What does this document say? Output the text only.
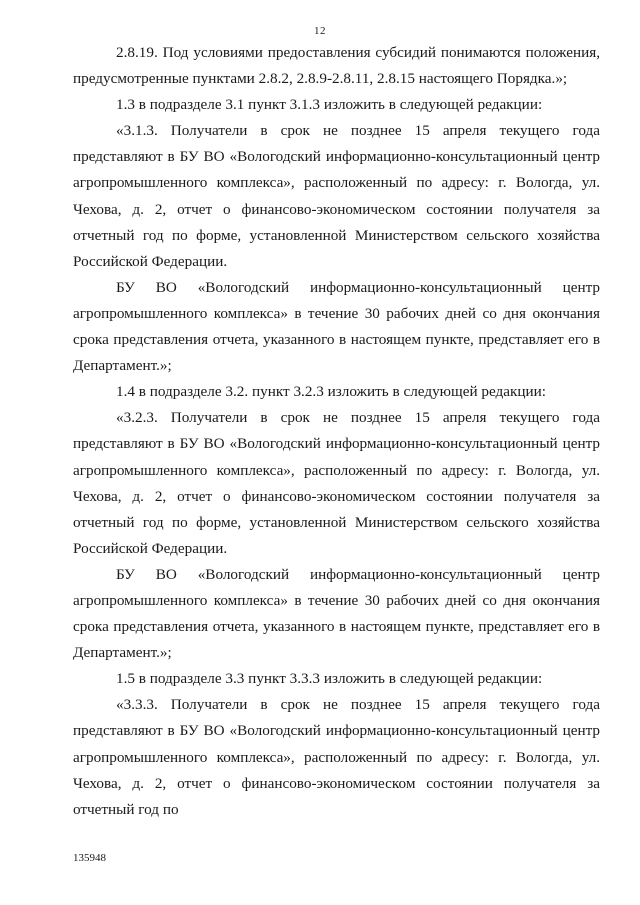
12

2.8.19. Под условиями предоставления субсидий понимаются положения, предусмотренные пунктами 2.8.2, 2.8.9-2.8.11, 2.8.15 настоящего Порядка.»;

1.3 в подразделе 3.1 пункт 3.1.3 изложить в следующей редакции:

«3.1.3. Получатели в срок не позднее 15 апреля текущего года представляют в БУ ВО «Вологодский информационно-консультационный центр агропромышленного комплекса», расположенный по адресу: г. Вологда, ул. Чехова, д. 2, отчет о финансово-экономическом состоянии получателя за отчетный год по форме, установленной Министерством сельского хозяйства Российской Федерации.

БУ ВО «Вологодский информационно-консультационный центр агропромышленного комплекса» в течение 30 рабочих дней со дня окончания срока представления отчета, указанного в настоящем пункте, представляет его в Департамент.»;

1.4 в подразделе 3.2. пункт 3.2.3 изложить в следующей редакции:

«3.2.3. Получатели в срок не позднее 15 апреля текущего года представляют в БУ ВО «Вологодский информационно-консультационный центр агропромышленного комплекса», расположенный по адресу: г. Вологда, ул. Чехова, д. 2, отчет о финансово-экономическом состоянии получателя за отчетный год по форме, установленной Министерством сельского хозяйства Российской Федерации.

БУ ВО «Вологодский информационно-консультационный центр агропромышленного комплекса» в течение 30 рабочих дней со дня окончания срока представления отчета, указанного в настоящем пункте, представляет его в Департамент.»;

1.5 в подразделе 3.3 пункт 3.3.3 изложить в следующей редакции:

«3.3.3. Получатели в срок не позднее 15 апреля текущего года представляют в БУ ВО «Вологодский информационно-консультационный центр агропромышленного комплекса», расположенный по адресу: г. Вологда, ул. Чехова, д. 2, отчет о финансово-экономическом состоянии получателя за отчетный год по

135948
